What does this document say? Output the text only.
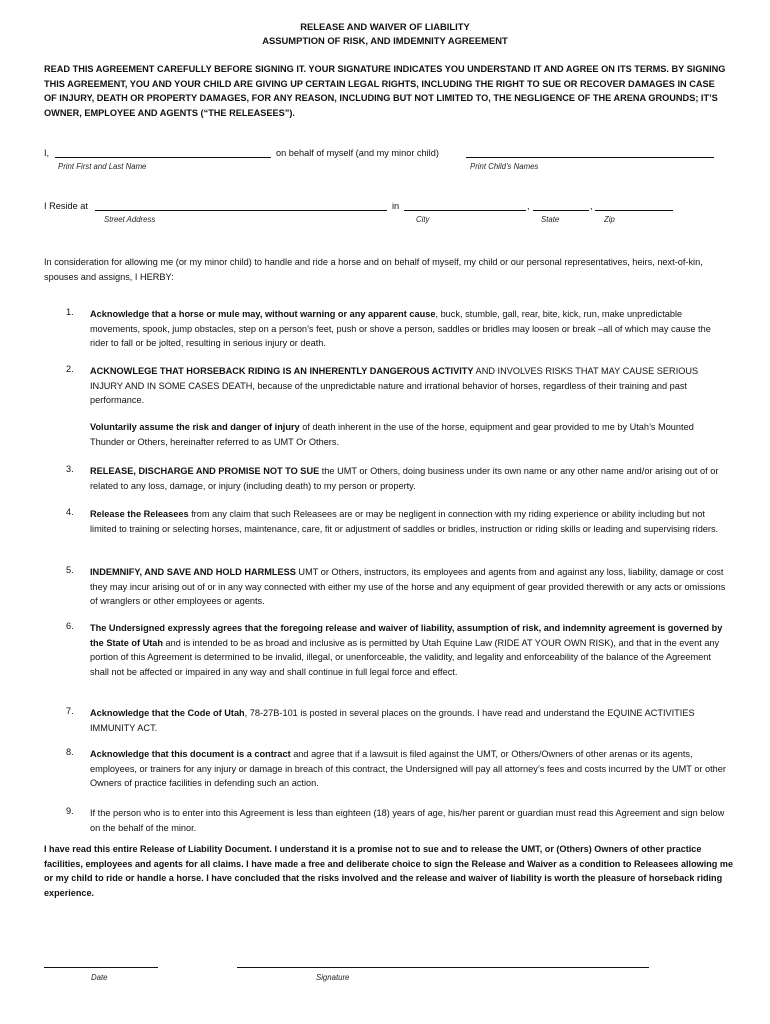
RELEASE AND WAIVER OF LIABILITY
ASSUMPTION OF RISK, AND IMDEMNITY AGREEMENT
READ THIS AGREEMENT CAREFULLY BEFORE SIGNING IT. YOUR SIGNATURE INDICATES YOU UNDERSTAND IT AND AGREE ON ITS TERMS. BY SIGNING THIS AGREEMENT, YOU AND YOUR CHILD ARE GIVING UP CERTAIN LEGAL RIGHTS, INCLUDING THE RIGHT TO SUE OR RECOVER DAMAGES IN CASE OF INJURY, DEATH OR PROPERTY DAMAGES, FOR ANY REASON, INCLUDING BUT NOT LIMITED TO, THE NEGLIGENCE OF THE ARENA GROUNDS; IT’S OWNER, EMPLOYEE AND AGENTS (“THE RELEASEES”).
I,	on behalf of myself (and my minor child)
Print First and Last Name	Print Child’s Names
I Reside at	in	,	,
Street Address	City	State	Zip
In consideration for allowing me (or my minor child) to handle and ride a horse and on behalf of myself, my child or our personal representatives, heirs, next-of-kin, spouses and assigns, I HERBY:
1. Acknowledge that a horse or mule may, without warning or any apparent cause, buck, stumble, gall, rear, bite, kick, run, make unpredictable movements, spook, jump obstacles, step on a person’s feet, push or shove a person, saddles or bridles may loosen or break –all of which may cause the rider to fall or be jolted, resulting in serious injury or death.
2. ACKNOWLEGE THAT HORSEBACK RIDING IS AN INHERENTLY DANGEROUS ACTIVITY AND INVOLVES RISKS THAT MAY CAUSE SERIOUS INJURY AND IN SOME CASES DEATH, because of the unpredictable nature and irrational behavior of horses, regardless of their training and past performance.
Voluntarily assume the risk and danger of injury of death inherent in the use of the horse, equipment and gear provided to me by Utah’s Mounted Thunder or Others, hereinafter referred to as UMT Or Others.
3. RELEASE, DISCHARGE AND PROMISE NOT TO SUE the UMT or Others, doing business under its own name or any other name and/or arising out of or related to any loss, damage, or injury (including death) to my person or property.
4. Release the Releasees from any claim that such Releasees are or may be negligent in connection with my riding experience or ability including but not limited to training or selecting horses, maintenance, care, fit or adjustment of saddles or bridles, instruction or riding skills or leading and supervising riders.
5. INDEMNIFY, AND SAVE AND HOLD HARMLESS UMT or Others, instructors, its employees and agents from and against any loss, liability, damage or cost they may incur arising out of or in any way connected with either my use of the horse and any equipment of gear provided therewith or any acts or omissions of wranglers or other employees or agents.
6. The Undersigned expressly agrees that the foregoing release and waiver of liability, assumption of risk, and indemnity agreement is governed by the State of Utah and is intended to be as broad and inclusive as is permitted by Utah Equine Law (RIDE AT YOUR OWN RISK), and that in the event any portion of this Agreement is determined to be invalid, illegal, or unenforceable, the validity, and legality and enforceability of the balance of the Agreement shall not be affected or impaired in any way and shall continue in full legal force and effect.
7. Acknowledge that the Code of Utah, 78-27B-101 is posted in several places on the grounds. I have read and understand the EQUINE ACTIVITIES IMMUNITY ACT.
8. Acknowledge that this document is a contract and agree that if a lawsuit is filed against the UMT, or Others/Owners of other arenas or its agents, employees, or trainers for any injury or damage in breach of this contract, the Undersigned will pay all attorney’s fees and costs incurred by the UMT or other Owners of practice facilities in defending such an action.
9. If the person who is to enter into this Agreement is less than eighteen (18) years of age, his/her parent or guardian must read this Agreement and sign below on the behalf of the minor.
I have read this entire Release of Liability Document. I understand it is a promise not to sue and to release the UMT, or (Others) Owners of other practice facilities, employees and agents for all claims. I have made a free and deliberate choice to sign the Release and Waiver as a condition to Releasees allowing me or my child to ride or handle a horse. I have concluded that the risks involved and the release and waiver of liability is worth the pleasure of horseback riding experience.
Date	Signature
